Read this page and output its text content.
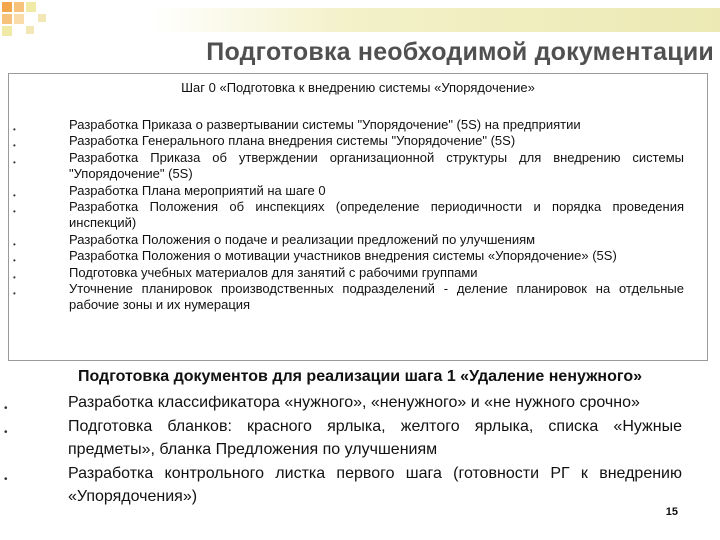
Подготовка необходимой документации
Шаг 0 «Подготовка к внедрению системы «Упорядочение»
•	Разработка Приказа о развертывании системы "Упорядочение" (5S) на предприятии
•	Разработка Генерального плана внедрения системы "Упорядочение" (5S)
•	Разработка Приказа об утверждении организационной структуры для внедрению системы "Упорядочение" (5S)
•	Разработка Плана мероприятий на шаге 0
•	Разработка Положения об инспекциях (определение периодичности и порядка проведения инспекций)
•	Разработка Положения о подаче и реализации предложений по улучшениям
•	Разработка Положения о мотивации участников внедрения системы «Упорядочение» (5S)
•	Подготовка учебных материалов для занятий с рабочими группами
•	Уточнение планировок производственных подразделений - деление планировок на отдельные рабочие зоны и их нумерация
Подготовка документов для реализации шага 1 «Удаление ненужного»
•	Разработка классификатора «нужного», «ненужного» и «не нужного срочно»
•	Подготовка бланков: красного ярлыка, желтого ярлыка, списка «Нужные предметы», бланка Предложения по улучшениям
•	Разработка контрольного листка первого шага (готовности РГ к внедрению «Упорядочения»)
15
